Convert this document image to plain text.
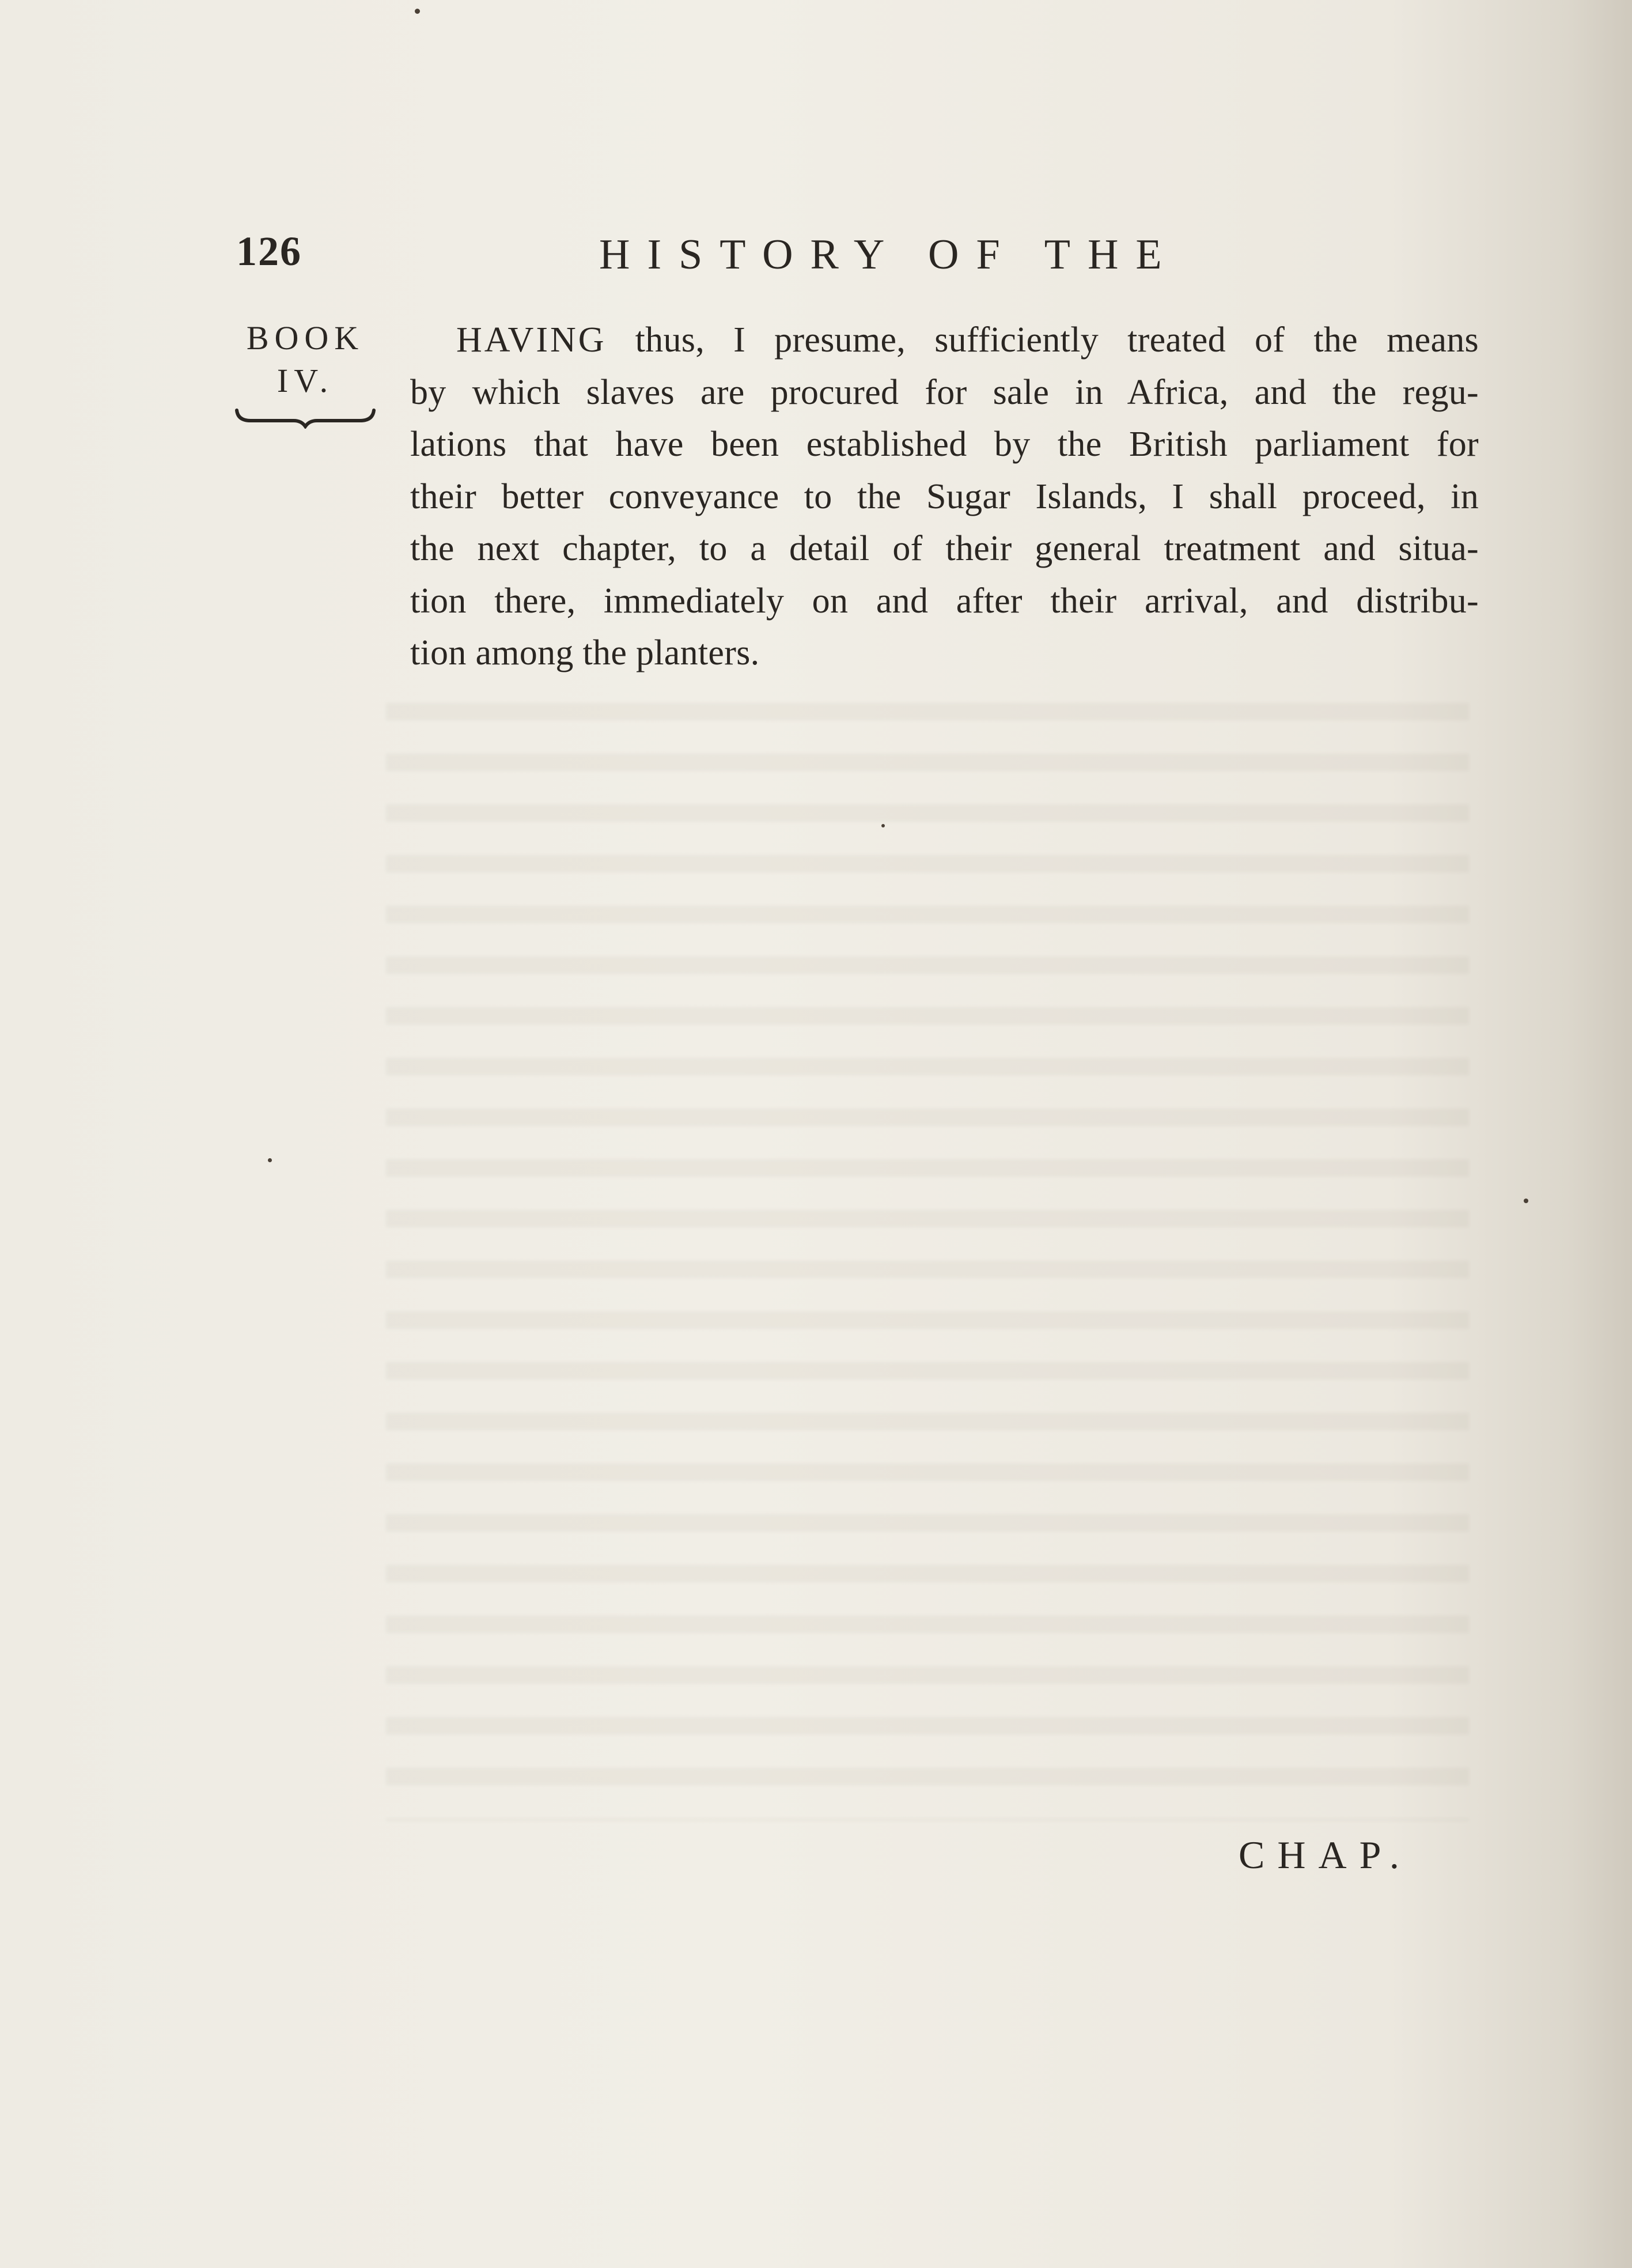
126	HISTORY OF THE
BOOK
IV.
HAVING thus, I presume, sufficiently treated of the means
by which slaves are procured for sale in Africa, and the regu-
lations that have been established by the British parliament for
their better conveyance to the Sugar Islands, I shall proceed, in
the next chapter, to a detail of their general treatment and situa-
tion there, immediately on and after their arrival, and distribu-
tion among the planters.
CHAP.
